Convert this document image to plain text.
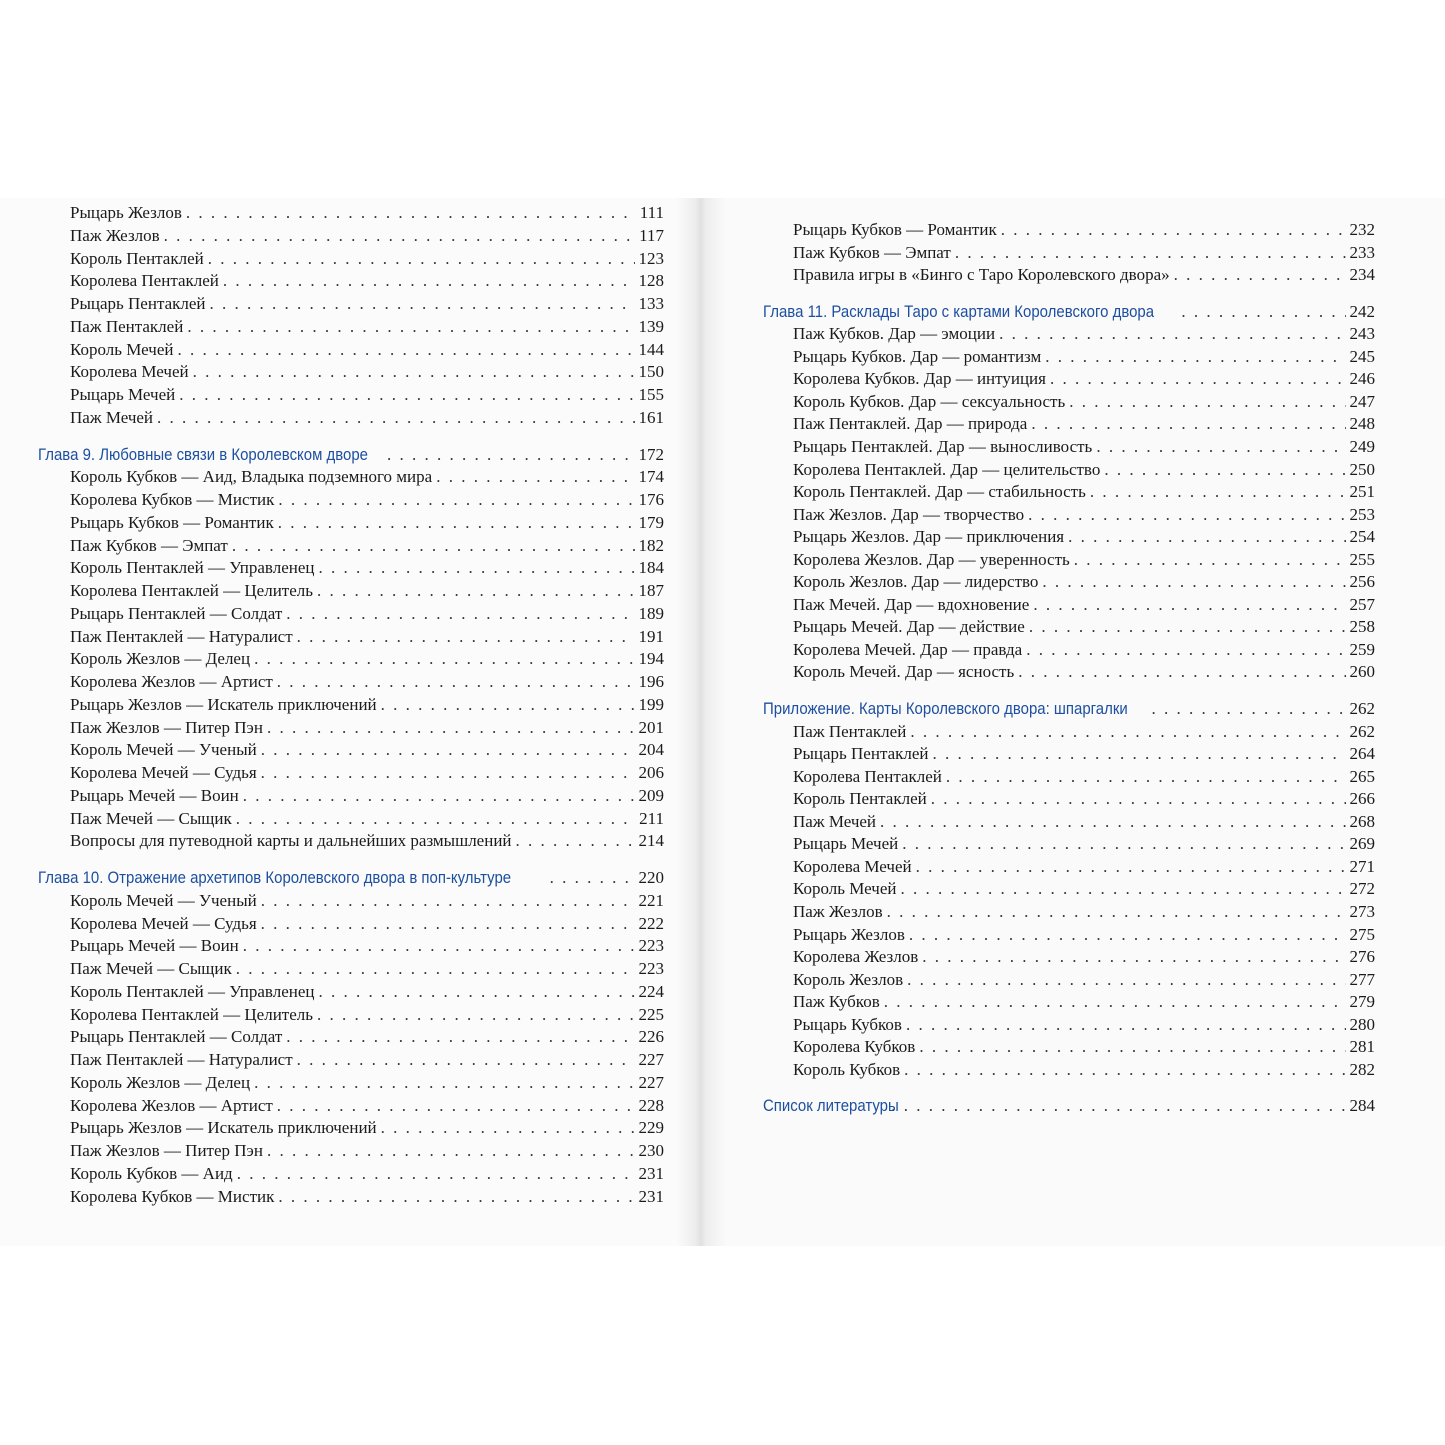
Рыцарь Жезлов . . .	111
Паж Жезлов . . .	117
Король Пентаклей . . .	123
Королева Пентаклей . . .	128
Рыцарь Пентаклей . . .	133
Паж Пентаклей . . .	139
Король Мечей . . .	144
Королева Мечей . . .	150
Рыцарь Мечей . . .	155
Паж Мечей . . .	161
Глава 9. Любовные связи в Королевском дворе . . .	172
Король Кубков — Аид, Владыка подземного мира . . .	174
Королева Кубков — Мистик . . .	176
Рыцарь Кубков — Романтик . . .	179
Паж Кубков — Эмпат . . .	182
Король Пентаклей — Управленец . . .	184
Королева Пентаклей — Целитель . . .	187
Рыцарь Пентаклей — Солдат . . .	189
Паж Пентаклей — Натуралист . . .	191
Король Жезлов — Делец . . .	194
Королева Жезлов — Артист . . .	196
Рыцарь Жезлов — Искатель приключений . . .	199
Паж Жезлов — Питер Пэн . . .	201
Король Мечей — Ученый . . .	204
Королева Мечей — Судья . . .	206
Рыцарь Мечей — Воин . . .	209
Паж Мечей — Сыщик . . .	211
Вопросы для путеводной карты и дальнейших размышлений . . .	214
Глава 10. Отражение архетипов Королевского двора в поп-культуре . . .	220
Король Мечей — Ученый . . .	221
Королева Мечей — Судья . . .	222
Рыцарь Мечей — Воин . . .	223
Паж Мечей — Сыщик . . .	223
Король Пентаклей — Управленец . . .	224
Королева Пентаклей — Целитель . . .	225
Рыцарь Пентаклей — Солдат . . .	226
Паж Пентаклей — Натуралист . . .	227
Король Жезлов — Делец . . .	227
Королева Жезлов — Артист . . .	228
Рыцарь Жезлов — Искатель приключений . . .	229
Паж Жезлов — Питер Пэн . . .	230
Король Кубков — Аид . . .	231
Королева Кубков — Мистик . . .	231
Рыцарь Кубков — Романтик . . .	232
Паж Кубков — Эмпат . . .	233
Правила игры в «Бинго с Таро Королевского двора» . . .	234
Глава 11. Расклады Таро с картами Королевского двора . . .	242
Паж Кубков. Дар — эмоции . . .	243
Рыцарь Кубков. Дар — романтизм . . .	245
Королева Кубков. Дар — интуиция . . .	246
Король Кубков. Дар — сексуальность . . .	247
Паж Пентаклей. Дар — природа . . .	248
Рыцарь Пентаклей. Дар — выносливость . . .	249
Королева Пентаклей. Дар — целительство . . .	250
Король Пентаклей. Дар — стабильность . . .	251
Паж Жезлов. Дар — творчество . . .	253
Рыцарь Жезлов. Дар — приключения . . .	254
Королева Жезлов. Дар — уверенность . . .	255
Король Жезлов. Дар — лидерство . . .	256
Паж Мечей. Дар — вдохновение . . .	257
Рыцарь Мечей. Дар — действие . . .	258
Королева Мечей. Дар — правда . . .	259
Король Мечей. Дар — ясность . . .	260
Приложение. Карты Королевского двора: шпаргалки . . .	262
Паж Пентаклей . . .	262
Рыцарь Пентаклей . . .	264
Королева Пентаклей . . .	265
Король Пентаклей . . .	266
Паж Мечей . . .	268
Рыцарь Мечей . . .	269
Королева Мечей . . .	271
Король Мечей . . .	272
Паж Жезлов . . .	273
Рыцарь Жезлов . . .	275
Королева Жезлов . . .	276
Король Жезлов . . .	277
Паж Кубков . . .	279
Рыцарь Кубков . . .	280
Королева Кубков . . .	281
Король Кубков . . .	282
Список литературы . . .	284
